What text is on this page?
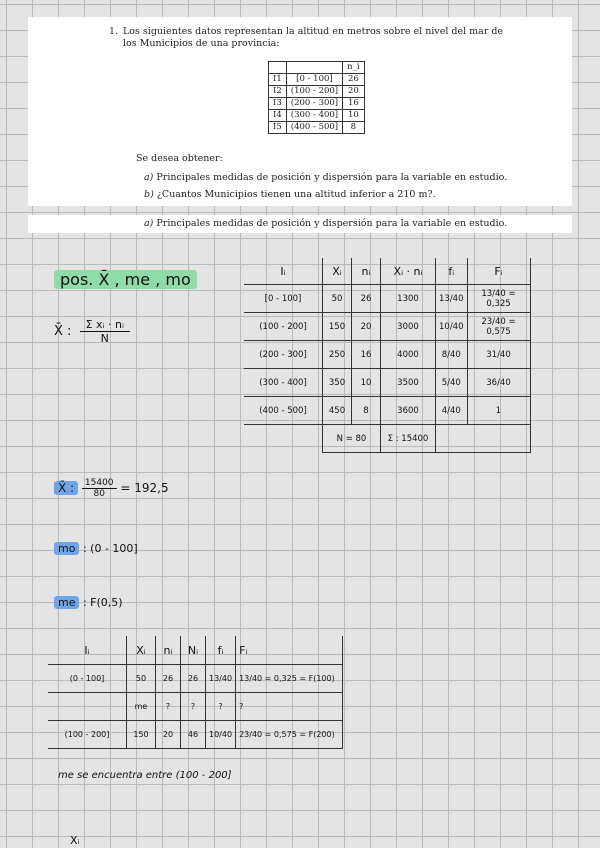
1. Los siguientes datos representan la altitud en metros sobre el nivel del mar de los Municipios de una provincia:
		n_i
I1	[0 - 100]	26
I2	(100 - 200]	20
I3	(200 - 300]	16
I4	(300 - 400]	10
I5	(400 - 500]	8
Se desea obtener:
a) Principales medidas de posición y dispersión para la variable en estudio.
b) ¿Cuantos Municipios tienen una altitud inferior a 210 m?.
a) Principales medidas de posición y dispersión para la variable en estudio.
pos. X̄ , me , mo
X̄ : $\frac{\text{Σ xᵢ · nᵢ}}{N}$
Iᵢ	Xᵢ	nᵢ	Xᵢ · nᵢ	fᵢ	Fᵢ
[0 - 100]	50	26	1300	13/40	13/40 = 0,325
(100 - 200]	150	20	3000	10/40	23/40 = 0,575
(200 - 300]	250	16	4000	8/40	31/40
(300 - 400]	350	10	3500	5/40	36/40
(400 - 500]	450	8	3600	4/40	1
	N = 80		Σ : 15400		
X̄ : $\frac{15400}{80} = 192,5$
mo : (0 - 100]
me : F(0,5)
Iᵢ	Xᵢ	nᵢ	Nᵢ	fᵢ	Fᵢ
(0 - 100]	50	26	26	13/40	13/40 = 0,325 = F(100)
	me	?	?	?	?
(100 - 200]	150	20	46	10/40	23/40 = 0,575 = F(200)
me se encuentra entre (100 - 200]
Xᵢ
